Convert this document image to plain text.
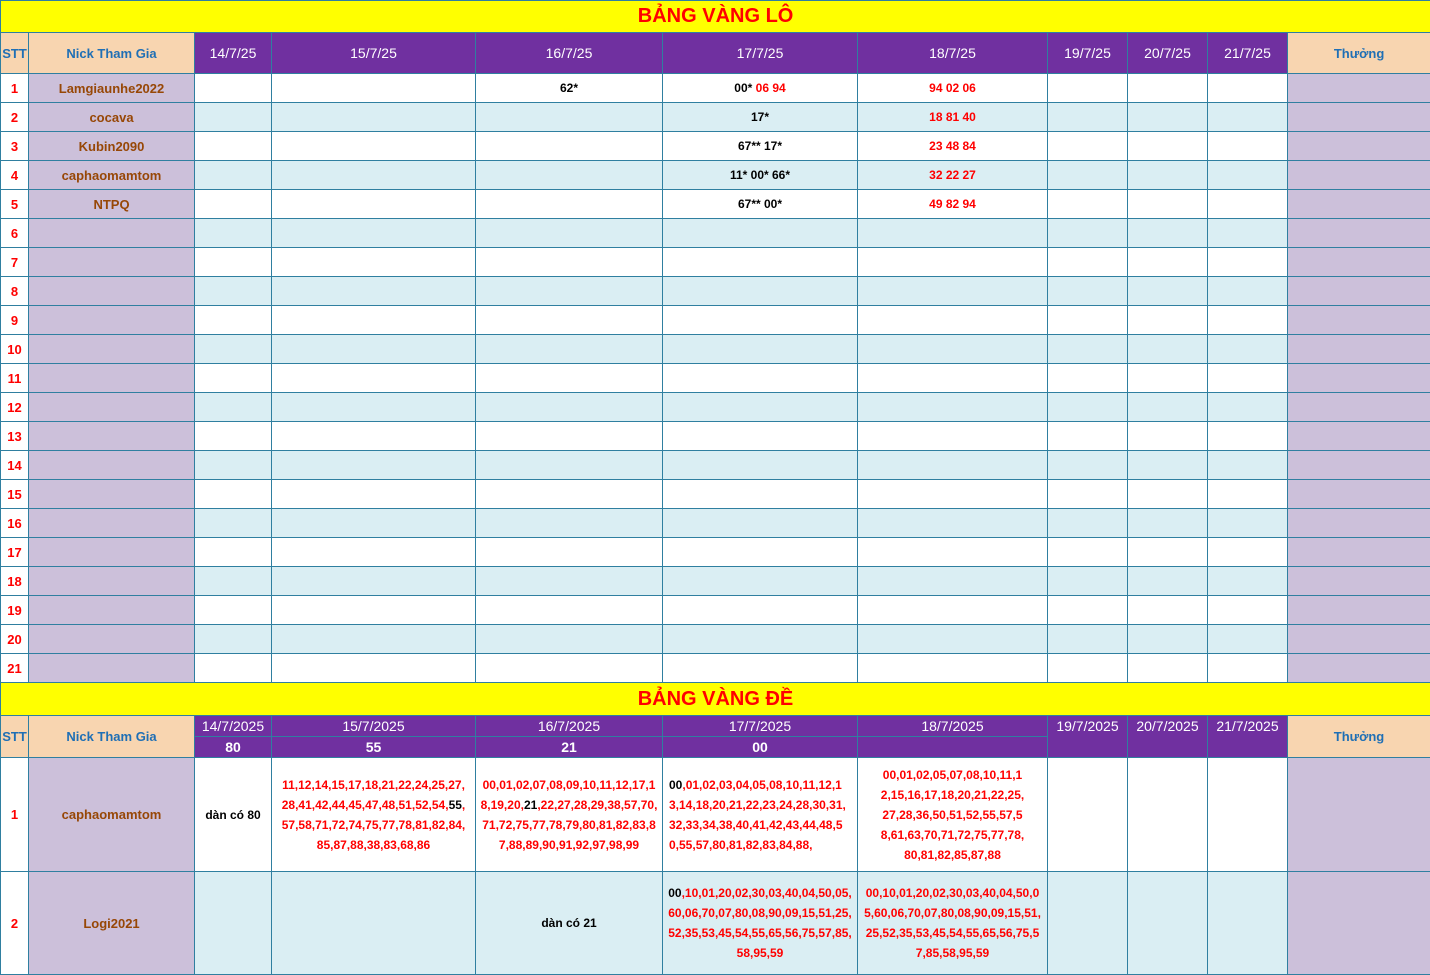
BẢNG VÀNG LÔ										
STT	Nick Tham Gia	14/7/25	15/7/25	16/7/25	17/7/25	18/7/25	19/7/25	20/7/25	21/7/25	Thưởng
1	Lamgiaunhe2022			62*	00* 06 94	94 02 06				
2	cocava				17*	18 81 40				
3	Kubin2090				67** 17*	23 48 84				
4	caphaomamtom				11* 00* 66*	32 22 27				
5	NTPQ				67** 00*	49 82 94				
6										
7										
8										
9										
10										
11										
12										
13										
14										
15										
16										
17										
18										
19										
20										
21										
BẢNG VÀNG ĐỀ										
STT	Nick Tham Gia	14/7/2025	15/7/2025	16/7/2025	17/7/2025	18/7/2025	19/7/2025	20/7/2025	21/7/2025	Thưởng
		80	55	21	00					
1	caphaomamtom	dàn có 80	11,12,14,15,17,18,21,22,24,25,27,28,41,42,44,45,47,48,51,52,54,55,57,58,71,72,74,75,77,78,81,82,84,85,87,88,38,83,68,86	00,01,02,07,08,09,10,11,12,17,18,19,20,21,22,27,28,29,38,57,70,71,72,75,77,78,79,80,81,82,83,87,88,89,90,91,92,97,98,99	00,01,02,03,04,05,08,10,11,12,13,14,18,20,21,22,23,24,28,30,31,32,33,34,38,40,41,42,43,44,48,50,55,57,80,81,82,83,84,88,	00,01,02,05,07,08,10,11,12,15,16,17,18,20,21,22,25,27,28,36,50,51,52,55,57,58,61,63,70,71,72,75,77,78,80,81,82,85,87,88				
2	Logi2021			dàn có 21	00,10,01,20,02,30,03,40,04,50,05,60,06,70,07,80,08,90,09,15,51,25,52,35,53,45,54,55,65,56,75,57,85,58,95,59	00,10,01,20,02,30,03,40,04,50,05,60,06,70,07,80,08,90,09,15,51,25,52,35,53,45,54,55,65,56,75,57,85,58,95,59				
